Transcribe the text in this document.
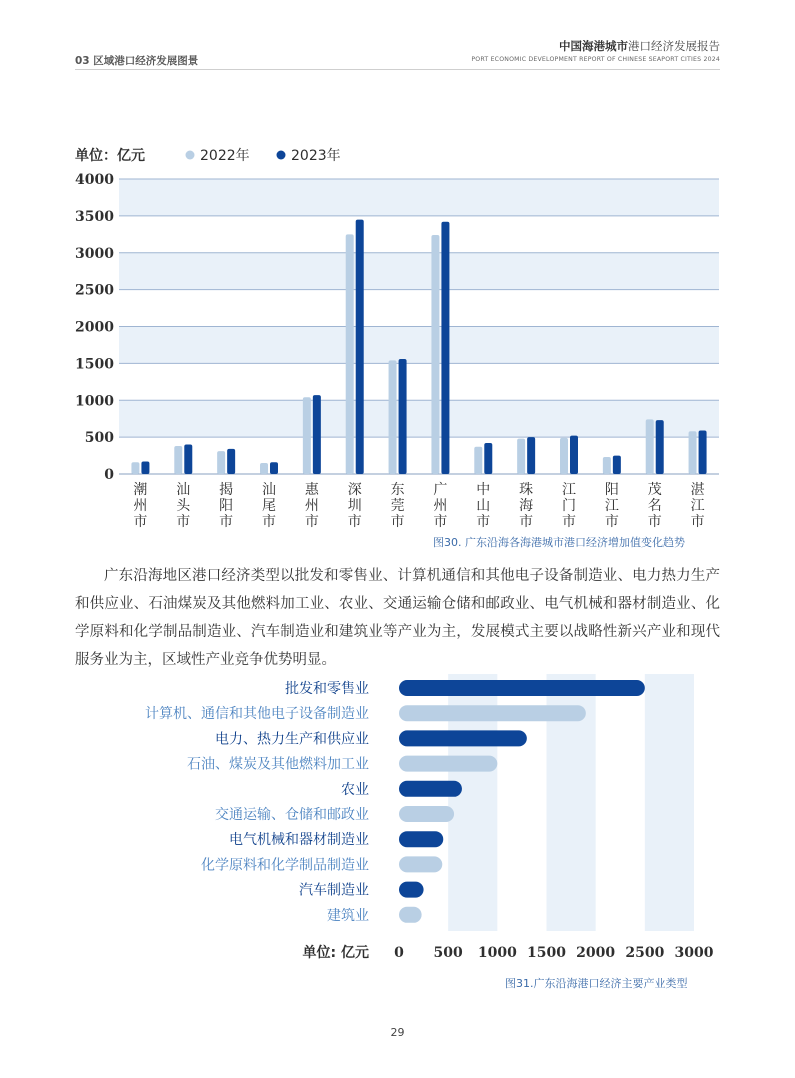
03 区域港口经济发展图景
中国海港城市港口经济发展报告
PORT ECONOMIC DEVELOPMENT REPORT OF CHINESE SEAPORT CITIES 2024
0
500
1000
1500
2000
2500
3000
3500
4000
单位：亿元	2022年	2023年
潮
州
市
汕
头
市
揭
阳
市
汕
尾
市
惠
州
市
深
圳
市
东
莞
市
广
州
市
中
山
市
珠
海
市
江
门
市
阳
江
市
茂
名
市
湛
江
市
图30. 广东沿海各海港城市港口经济增加值变化趋势
广东沿海地区港口经济类型以批发和零售业、计算机通信和其他电子设备制造业、电力热力生产和供应业、石油煤炭及其他燃料加工业、农业、交通运输仓储和邮政业、电气机械和器材制造业、化学原料和化学制品制造业、汽车制造业和建筑业等产业为主，发展模式主要以战略性新兴产业和现代服务业为主，区域性产业竞争优势明显。
0 500 1000 1500 2000 2500 3000
单位: 亿元
批发和零售业
计算机、通信和其他电子设备制造业
电力、热力生产和供应业
石油、煤炭及其他燃料加工业
农业
交通运输、仓储和邮政业
电气机械和器材制造业
化学原料和化学制品制造业
汽车制造业
建筑业
图31.广东沿海港口经济主要产业类型
29
